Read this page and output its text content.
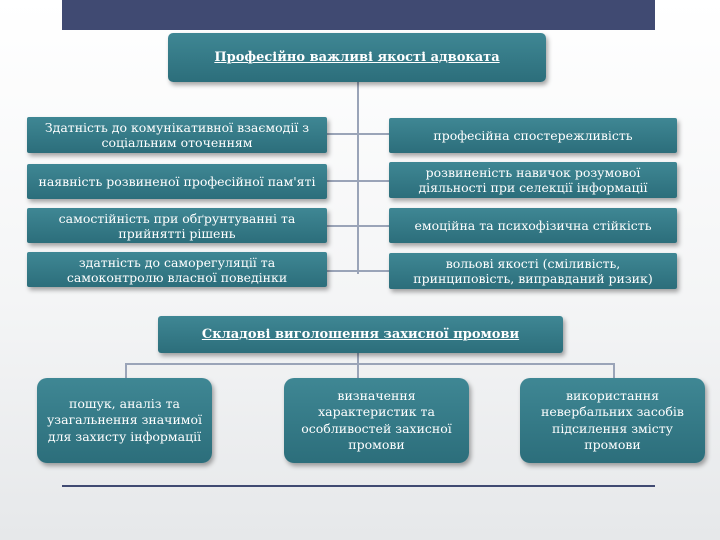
Професійно важливі якості адвоката
Здатність до комунікативної взаємодії з соціальним оточенням
наявність розвиненої професійної пам'яті
самостійність при обґрунтуванні та прийнятті рішень
здатність до саморегуляції та самоконтролю власної поведінки
професійна спостережливість
розвиненість навичок розумової діяльності при селекції інформації
емоційна та психофізична стійкість
вольові якості (сміливість, принциповість, виправданий ризик)
Складові виголошення захисної промови
пошук, аналіз та узагальнення значимої для захисту інформації
визначення характеристик та особливостей захисної промови
використання невербальних засобів підсилення змісту промови
